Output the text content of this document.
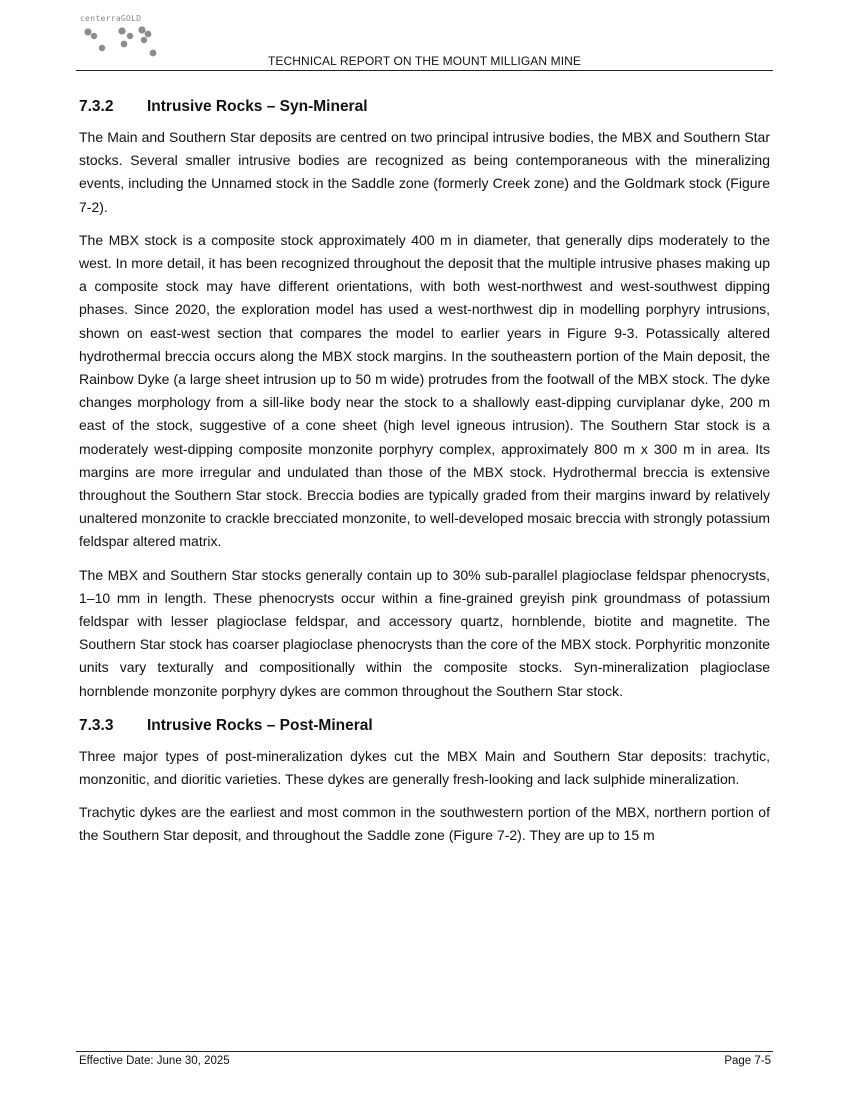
centerraGOLD
TECHNICAL REPORT ON THE MOUNT MILLIGAN MINE
7.3.2	Intrusive Rocks – Syn-Mineral

The Main and Southern Star deposits are centred on two principal intrusive bodies, the MBX and Southern Star stocks. Several smaller intrusive bodies are recognized as being contemporaneous with the mineralizing events, including the Unnamed stock in the Saddle zone (formerly Creek zone) and the Goldmark stock (Figure 7-2).

The MBX stock is a composite stock approximately 400 m in diameter, that generally dips moderately to the west. In more detail, it has been recognized throughout the deposit that the multiple intrusive phases making up a composite stock may have different orientations, with both west-northwest and west-southwest dipping phases. Since 2020, the exploration model has used a west-northwest dip in modelling porphyry intrusions, shown on east-west section that compares the model to earlier years in Figure 9-3. Potassically altered hydrothermal breccia occurs along the MBX stock margins. In the southeastern portion of the Main deposit, the Rainbow Dyke (a large sheet intrusion up to 50 m wide) protrudes from the footwall of the MBX stock. The dyke changes morphology from a sill-like body near the stock to a shallowly east-dipping curviplanar dyke, 200 m east of the stock, suggestive of a cone sheet (high level igneous intrusion). The Southern Star stock is a moderately west-dipping composite monzonite porphyry complex, approximately 800 m x 300 m in area. Its margins are more irregular and undulated than those of the MBX stock. Hydrothermal breccia is extensive throughout the Southern Star stock. Breccia bodies are typically graded from their margins inward by relatively unaltered monzonite to crackle brecciated monzonite, to well-developed mosaic breccia with strongly potassium feldspar altered matrix.

The MBX and Southern Star stocks generally contain up to 30% sub-parallel plagioclase feldspar phenocrysts, 1–10 mm in length. These phenocrysts occur within a fine-grained greyish pink groundmass of potassium feldspar with lesser plagioclase feldspar, and accessory quartz, hornblende, biotite and magnetite. The Southern Star stock has coarser plagioclase phenocrysts than the core of the MBX stock. Porphyritic monzonite units vary texturally and compositionally within the composite stocks. Syn-mineralization plagioclase hornblende monzonite porphyry dykes are common throughout the Southern Star stock.

7.3.3	Intrusive Rocks – Post-Mineral

Three major types of post-mineralization dykes cut the MBX Main and Southern Star deposits: trachytic, monzonitic, and dioritic varieties. These dykes are generally fresh-looking and lack sulphide mineralization.

Trachytic dykes are the earliest and most common in the southwestern portion of the MBX, northern portion of the Southern Star deposit, and throughout the Saddle zone (Figure 7-2). They are up to 15 m

Effective Date: June 30, 2025	Page 7-5
